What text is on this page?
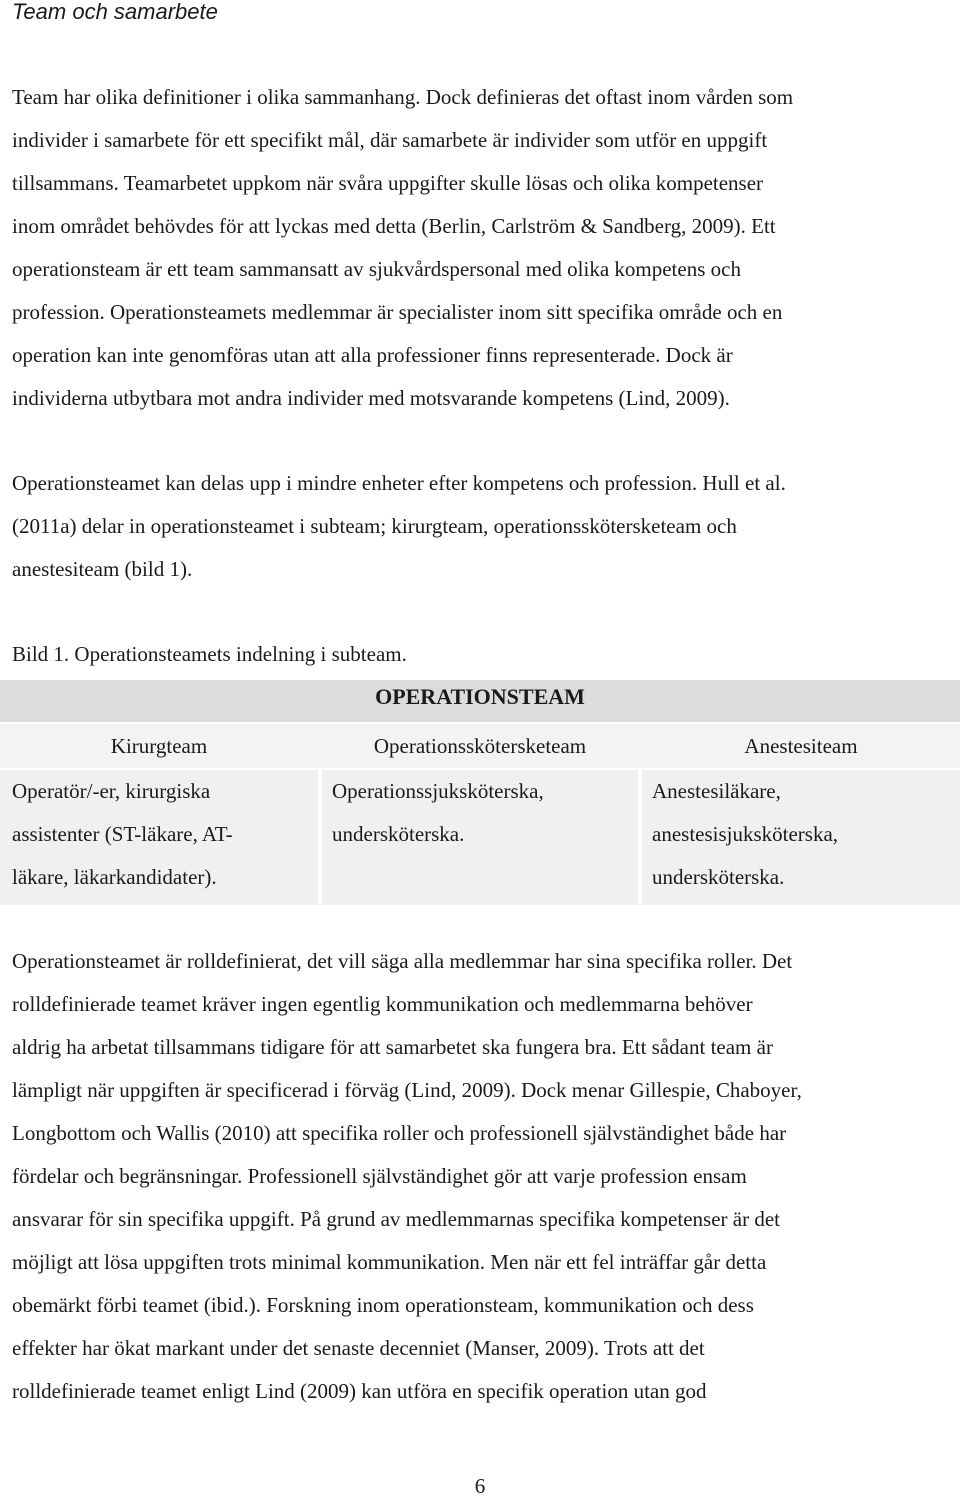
Team och samarbete

Team har olika definitioner i olika sammanhang. Dock definieras det oftast inom vården som
individer i samarbete för ett specifikt mål, där samarbete är individer som utför en uppgift
tillsammans. Teamarbetet uppkom när svåra uppgifter skulle lösas och olika kompetenser
inom området behövdes för att lyckas med detta (Berlin, Carlström & Sandberg, 2009). Ett
operationsteam är ett team sammansatt av sjukvårdspersonal med olika kompetens och
profession. Operationsteamets medlemmar är specialister inom sitt specifika område och en
operation kan inte genomföras utan att alla professioner finns representerade. Dock är
individerna utbytbara mot andra individer med motsvarande kompetens (Lind, 2009).

Operationsteamet kan delas upp i mindre enheter efter kompetens och profession. Hull et al.
(2011a) delar in operationsteamet i subteam; kirurgteam, operationsskötersketeam och
anestesiteam (bild 1).

Bild 1. Operationsteamets indelning i subteam.

OPERATIONSTEAM
Kirurgteam	Operationsskötersketeam	Anestesiteam
Operatör/-er, kirurgiska
assistenter (ST-läkare, AT-
läkare, läkarkandidater).
Operationssjuksköterska,
undersköterska.
Anestesiläkare,
anestesisjuksköterska,
undersköterska.

Operationsteamet är rolldefinierat, det vill säga alla medlemmar har sina specifika roller. Det
rolldefinierade teamet kräver ingen egentlig kommunikation och medlemmarna behöver
aldrig ha arbetat tillsammans tidigare för att samarbetet ska fungera bra. Ett sådant team är
lämpligt när uppgiften är specificerad i förväg (Lind, 2009). Dock menar Gillespie, Chaboyer,
Longbottom och Wallis (2010) att specifika roller och professionell självständighet både har
fördelar och begränsningar. Professionell självständighet gör att varje profession ensam
ansvarar för sin specifika uppgift. På grund av medlemmarnas specifika kompetenser är det
möjligt att lösa uppgiften trots minimal kommunikation. Men när ett fel inträffar går detta
obemärkt förbi teamet (ibid.). Forskning inom operationsteam, kommunikation och dess
effekter har ökat markant under det senaste decenniet (Manser, 2009). Trots att det
rolldefinierade teamet enligt Lind (2009) kan utföra en specifik operation utan god

6
